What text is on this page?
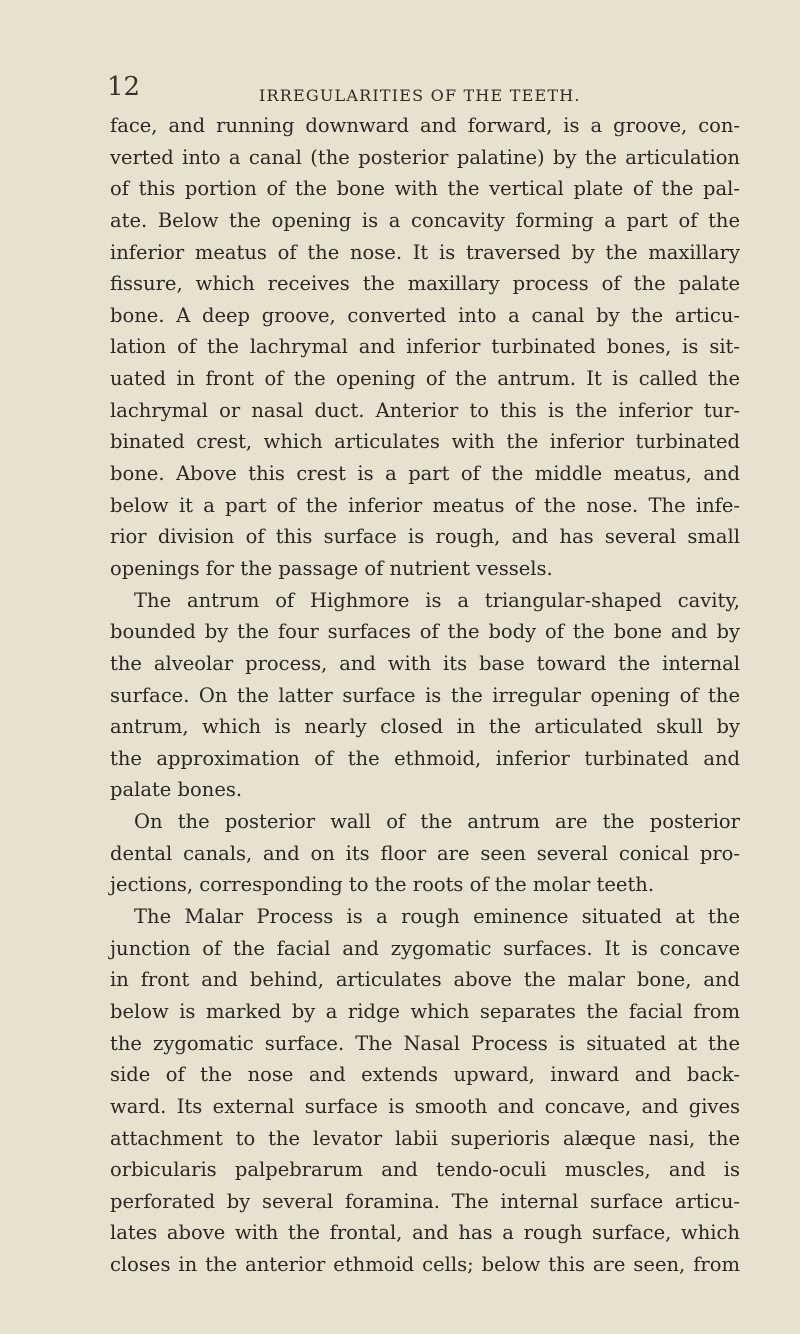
12	IRREGULARITIES OF THE TEETH.
face, and running downward and forward, is a groove, con-
verted into a canal (the posterior palatine) by the articulation
of this portion of the bone with the vertical plate of the pal-
ate. Below the opening is a concavity forming a part of the
inferior meatus of the nose. It is traversed by the maxillary
fissure, which receives the maxillary process of the palate
bone. A deep groove, converted into a canal by the articu-
lation of the lachrymal and inferior turbinated bones, is sit-
uated in front of the opening of the antrum. It is called the
lachrymal or nasal duct. Anterior to this is the inferior tur-
binated crest, which articulates with the inferior turbinated
bone. Above this crest is a part of the middle meatus, and
below it a part of the inferior meatus of the nose. The infe-
rior division of this surface is rough, and has several small
openings for the passage of nutrient vessels.
The antrum of Highmore is a triangular-shaped cavity,
bounded by the four surfaces of the body of the bone and by
the alveolar process, and with its base toward the internal
surface. On the latter surface is the irregular opening of the
antrum, which is nearly closed in the articulated skull by
the approximation of the ethmoid, inferior turbinated and
palate bones.
On the posterior wall of the antrum are the posterior
dental canals, and on its floor are seen several conical pro-
jections, corresponding to the roots of the molar teeth.
The Malar Process is a rough eminence situated at the
junction of the facial and zygomatic surfaces. It is concave
in front and behind, articulates above the malar bone, and
below is marked by a ridge which separates the facial from
the zygomatic surface. The Nasal Process is situated at the
side of the nose and extends upward, inward and back-
ward. Its external surface is smooth and concave, and gives
attachment to the levator labii superioris alæque nasi, the
orbicularis palpebrarum and tendo-oculi muscles, and is
perforated by several foramina. The internal surface articu-
lates above with the frontal, and has a rough surface, which
closes in the anterior ethmoid cells; below this are seen, from
